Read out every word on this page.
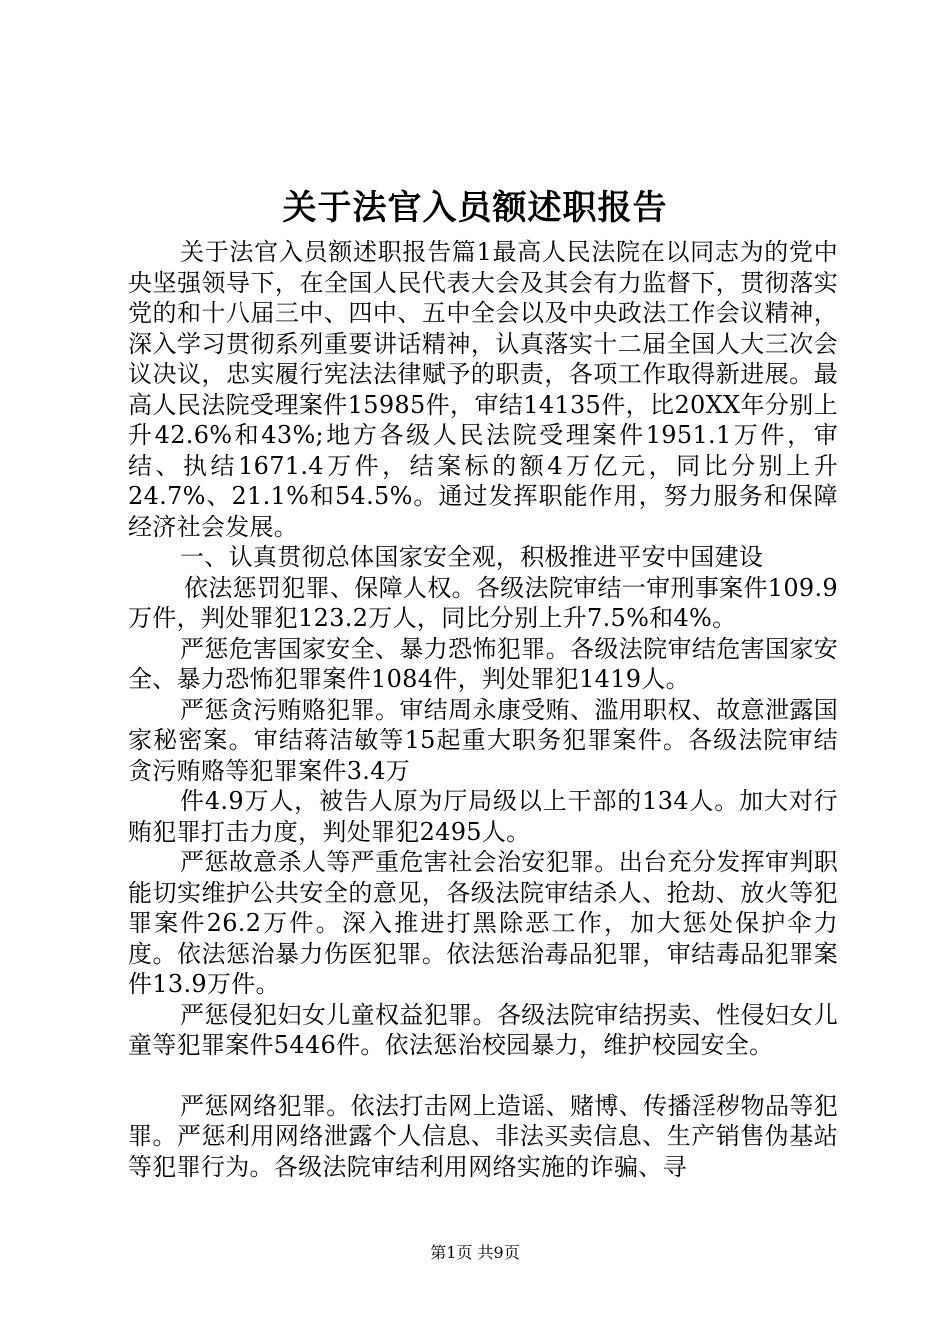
关于法官入员额述职报告

关于法官入员额述职报告篇1最高人民法院在以同志为的党中央坚强领导下，在全国人民代表大会及其会有力监督下，贯彻落实党的和十八届三中、四中、五中全会以及中央政法工作会议精神，深入学习贯彻系列重要讲话精神，认真落实十二届全国人大三次会议决议，忠实履行宪法法律赋予的职责，各项工作取得新进展。最高人民法院受理案件15985件，审结14135件，比20XX年分别上升42.6%和43%;地方各级人民法院受理案件1951.1万件，审结、执结1671.4万件，结案标的额4万亿元，同比分别上升24.7%、21.1%和54.5%。通过发挥职能作用，努力服务和保障经济社会发展。

一、认真贯彻总体国家安全观，积极推进平安中国建设

依法惩罚犯罪、保障人权。各级法院审结一审刑事案件109.9万件，判处罪犯123.2万人，同比分别上升7.5%和4%。

严惩危害国家安全、暴力恐怖犯罪。各级法院审结危害国家安全、暴力恐怖犯罪案件1084件，判处罪犯1419人。

严惩贪污贿赂犯罪。审结周永康受贿、滥用职权、故意泄露国家秘密案。审结蒋洁敏等15起重大职务犯罪案件。各级法院审结贪污贿赂等犯罪案件3.4万

件4.9万人，被告人原为厅局级以上干部的134人。加大对行贿犯罪打击力度，判处罪犯2495人。

严惩故意杀人等严重危害社会治安犯罪。出台充分发挥审判职能切实维护公共安全的意见，各级法院审结杀人、抢劫、放火等犯罪案件26.2万件。深入推进打黑除恶工作，加大惩处保护伞力度。依法惩治暴力伤医犯罪。依法惩治毒品犯罪，审结毒品犯罪案件13.9万件。

严惩侵犯妇女儿童权益犯罪。各级法院审结拐卖、性侵妇女儿童等犯罪案件5446件。依法惩治校园暴力，维护校园安全。

严惩网络犯罪。依法打击网上造谣、赌博、传播淫秽物品等犯罪。严惩利用网络泄露个人信息、非法买卖信息、生产销售伪基站等犯罪行为。各级法院审结利用网络实施的诈骗、寻

第1页 共9页
